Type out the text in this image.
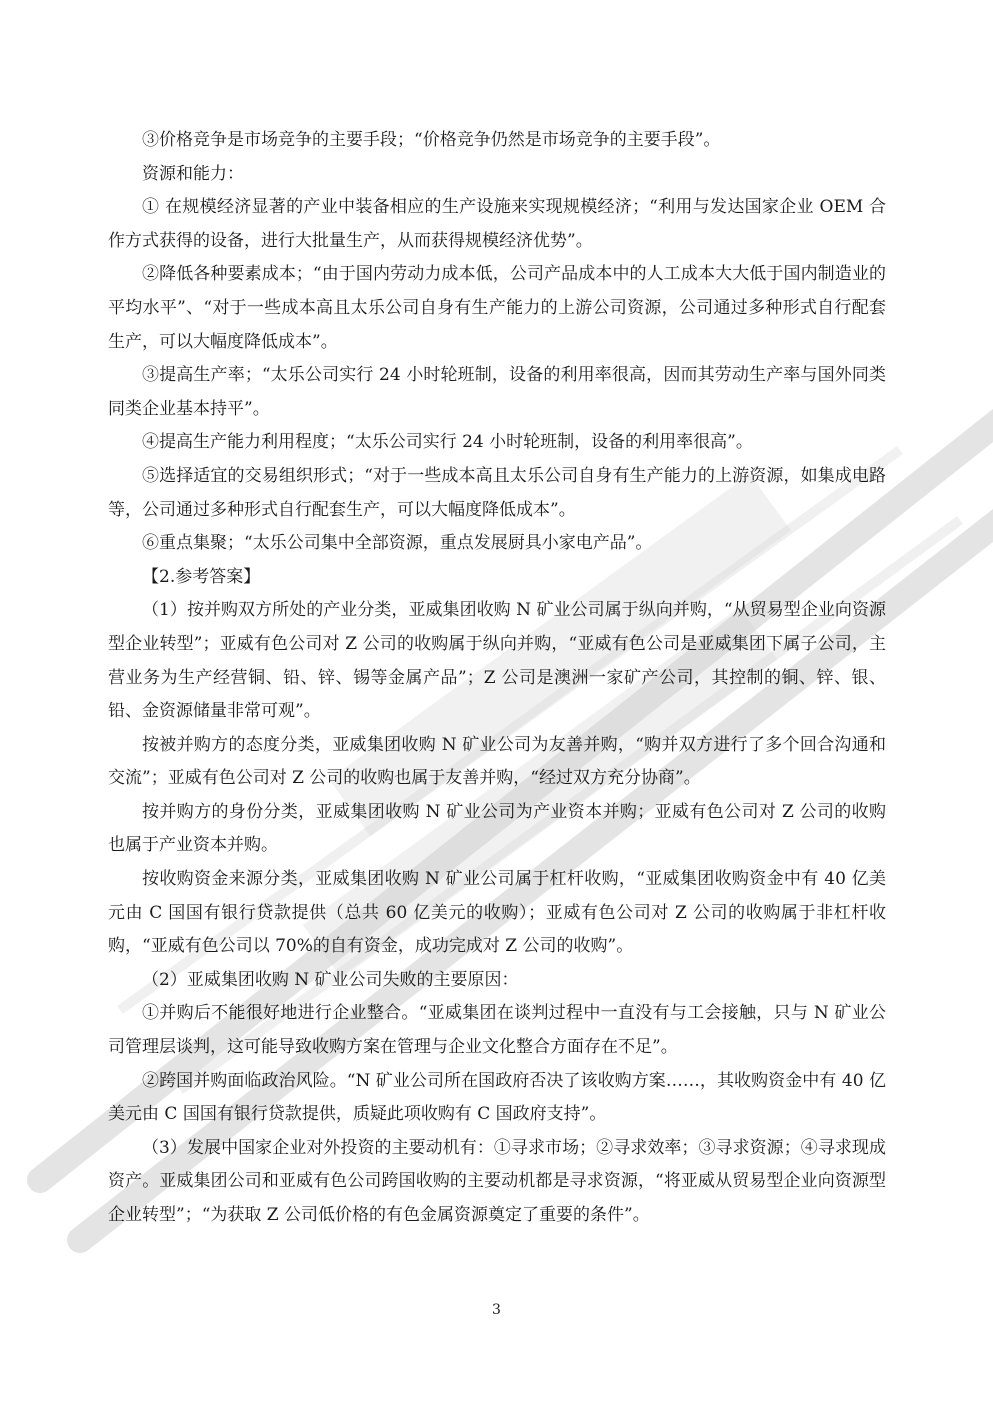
③价格竞争是市场竞争的主要手段；“价格竞争仍然是市场竞争的主要手段”。

资源和能力：

① 在规模经济显著的产业中装备相应的生产设施来实现规模经济；“利用与发达国家企业 OEM 合作方式获得的设备，进行大批量生产，从而获得规模经济优势”。

②降低各种要素成本；“由于国内劳动力成本低，公司产品成本中的人工成本大大低于国内制造业的平均水平”、“对于一些成本高且太乐公司自身有生产能力的上游公司资源，公司通过多种形式自行配套生产，可以大幅度降低成本”。

③提高生产率；“太乐公司实行 24 小时轮班制，设备的利用率很高，因而其劳动生产率与国外同类同类企业基本持平”。

④提高生产能力利用程度；“太乐公司实行 24 小时轮班制，设备的利用率很高”。

⑤选择适宜的交易组织形式；“对于一些成本高且太乐公司自身有生产能力的上游资源，如集成电路等，公司通过多种形式自行配套生产，可以大幅度降低成本”。

⑥重点集聚；“太乐公司集中全部资源，重点发展厨具小家电产品”。

【2.参考答案】

（1）按并购双方所处的产业分类，亚威集团收购 N 矿业公司属于纵向并购，“从贸易型企业向资源型企业转型”；亚威有色公司对 Z 公司的收购属于纵向并购，“亚威有色公司是亚威集团下属子公司，主营业务为生产经营铜、铅、锌、锡等金属产品”；Z 公司是澳洲一家矿产公司，其控制的铜、锌、银、铅、金资源储量非常可观”。

按被并购方的态度分类，亚威集团收购 N 矿业公司为友善并购，“购并双方进行了多个回合沟通和交流”；亚威有色公司对 Z 公司的收购也属于友善并购，“经过双方充分协商”。

按并购方的身份分类，亚威集团收购 N 矿业公司为产业资本并购；亚威有色公司对 Z 公司的收购也属于产业资本并购。

按收购资金来源分类，亚威集团收购 N 矿业公司属于杠杆收购，“亚威集团收购资金中有 40 亿美元由 C 国国有银行贷款提供（总共 60 亿美元的收购）；亚威有色公司对 Z 公司的收购属于非杠杆收购，“亚威有色公司以 70%的自有资金，成功完成对 Z 公司的收购”。

（2）亚威集团收购 N 矿业公司失败的主要原因：

①并购后不能很好地进行企业整合。“亚威集团在谈判过程中一直没有与工会接触，只与 N 矿业公司管理层谈判，这可能导致收购方案在管理与企业文化整合方面存在不足”。

②跨国并购面临政治风险。“N 矿业公司所在国政府否决了该收购方案……，其收购资金中有 40 亿美元由 C 国国有银行贷款提供，质疑此项收购有 C 国政府支持”。

（3）发展中国家企业对外投资的主要动机有：①寻求市场；②寻求效率；③寻求资源；④寻求现成资产。亚威集团公司和亚威有色公司跨国收购的主要动机都是寻求资源，“将亚威从贸易型企业向资源型企业转型”；“为获取 Z 公司低价格的有色金属资源奠定了重要的条件”。

3
